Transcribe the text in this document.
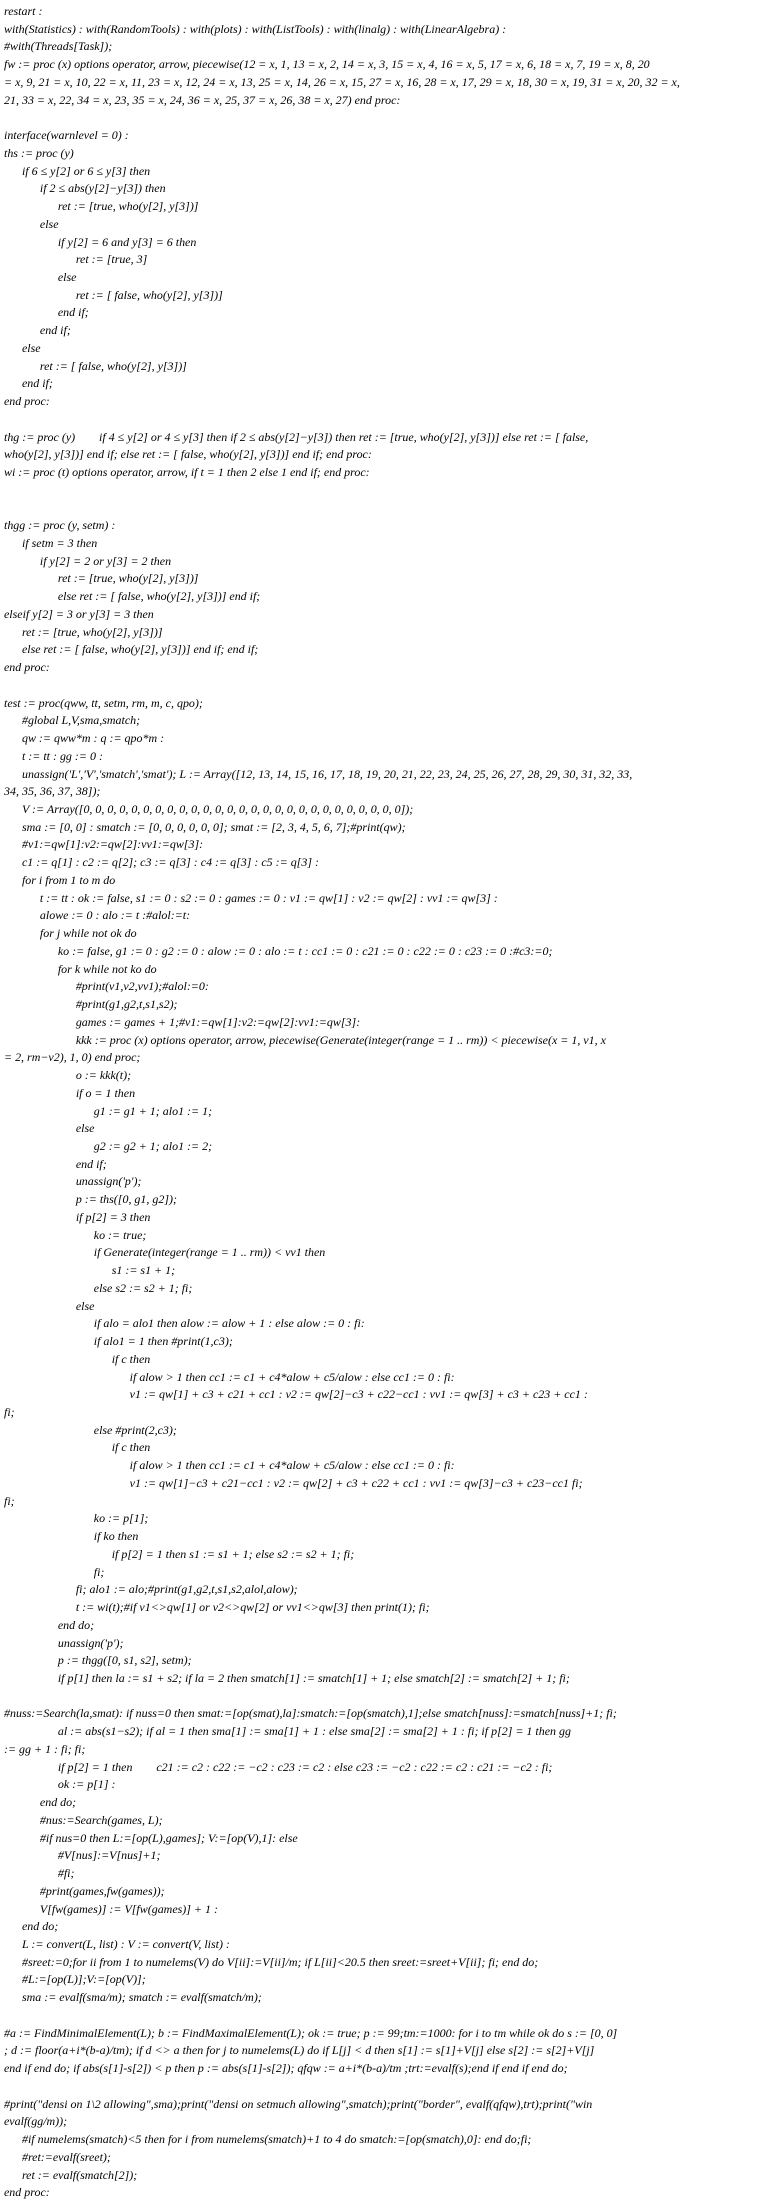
restart :
with(Statistics) : with(RandomTools) : with(plots) : with(ListTools) : with(linalg) : with(LinearAlgebra) :
#with(Threads[Task]);
fw := proc (x) options operator, arrow, piecewise(12 = x, 1, 13 = x, 2, 14 = x, 3, 15 = x, 4, 16 = x, 5, 17 = x, 6, 18 = x, 7, 19 = x, 8, 20
= x, 9, 21 = x, 10, 22 = x, 11, 23 = x, 12, 24 = x, 13, 25 = x, 14, 26 = x, 15, 27 = x, 16, 28 = x, 17, 29 = x, 18, 30 = x, 19, 31 = x, 20, 32 = x,
21, 33 = x, 22, 34 = x, 23, 35 = x, 24, 36 = x, 25, 37 = x, 26, 38 = x, 27) end proc:
interface(warnlevel = 0) :
ths := proc (y)
if 6 ≤ y[2] or 6 ≤ y[3] then
if 2 ≤ abs(y[2]−y[3]) then
ret := [true, who(y[2], y[3])]
else
if y[2] = 6 and y[3] = 6 then
ret := [true, 3]
else
ret := [ false, who(y[2], y[3])]
end if;
end if;
else
ret := [ false, who(y[2], y[3])]
end if;
end proc:
thg := proc (y)        if 4 ≤ y[2] or 4 ≤ y[3] then if 2 ≤ abs(y[2]−y[3]) then ret := [true, who(y[2], y[3])] else ret := [ false,
who(y[2], y[3])] end if; else ret := [ false, who(y[2], y[3])] end if; end proc:
wi := proc (t) options operator, arrow, if t = 1 then 2 else 1 end if; end proc:
thgg := proc (y, setm) :
if setm = 3 then
if y[2] = 2 or y[3] = 2 then
ret := [true, who(y[2], y[3])]
else ret := [ false, who(y[2], y[3])] end if;
elseif y[2] = 3 or y[3] = 3 then
ret := [true, who(y[2], y[3])]
else ret := [ false, who(y[2], y[3])] end if; end if;
end proc:
test := proc(qww, tt, setm, rm, m, c, qpo);
#global L,V,sma,smatch;
qw := qww*m : q := qpo*m :
t := tt : gg := 0 :
unassign('L','V','smatch','smat'); L := Array([12, 13, 14, 15, 16, 17, 18, 19, 20, 21, 22, 23, 24, 25, 26, 27, 28, 29, 30, 31, 32, 33,
34, 35, 36, 37, 38]);
V := Array([0, 0, 0, 0, 0, 0, 0, 0, 0, 0, 0, 0, 0, 0, 0, 0, 0, 0, 0, 0, 0, 0, 0, 0, 0, 0, 0]);
sma := [0, 0] : smatch := [0, 0, 0, 0, 0, 0]; smat := [2, 3, 4, 5, 6, 7];#print(qw);
#v1:=qw[1]:v2:=qw[2]:vv1:=qw[3]:
c1 := q[1] : c2 := q[2]; c3 := q[3] : c4 := q[3] : c5 := q[3] :
for i from 1 to m do
t := tt : ok := false, s1 := 0 : s2 := 0 : games := 0 : v1 := qw[1] : v2 := qw[2] : vv1 := qw[3] :
alowe := 0 : alo := t :#alol:=t:
for j while not ok do
ko := false, g1 := 0 : g2 := 0 : alow := 0 : alo := t : cc1 := 0 : c21 := 0 : c22 := 0 : c23 := 0 :#c3:=0;
for k while not ko do
#print(v1,v2,vv1);#alol:=0:
#print(g1,g2,t,s1,s2);
games := games + 1;#v1:=qw[1]:v2:=qw[2]:vv1:=qw[3]:
kkk := proc (x) options operator, arrow, piecewise(Generate(integer(range = 1 .. rm)) < piecewise(x = 1, v1, x
= 2, rm−v2), 1, 0) end proc;
o := kkk(t);
if o = 1 then
g1 := g1 + 1; alo1 := 1;
else
g2 := g2 + 1; alo1 := 2;
end if;
unassign('p');
p := ths([0, g1, g2]);
if p[2] = 3 then
ko := true;
if Generate(integer(range = 1 .. rm)) < vv1 then
s1 := s1 + 1;
else s2 := s2 + 1; fi;
else
if alo = alo1 then alow := alow + 1 : else alow := 0 : fi:
if alo1 = 1 then #print(1,c3);
if c then
if alow > 1 then cc1 := c1 + c4*alow + c5/alow : else cc1 := 0 : fi:
v1 := qw[1] + c3 + c21 + cc1 : v2 := qw[2]−c3 + c22−cc1 : vv1 := qw[3] + c3 + c23 + cc1 :
fi;
else #print(2,c3);
if c then
if alow > 1 then cc1 := c1 + c4*alow + c5/alow : else cc1 := 0 : fi:
v1 := qw[1]−c3 + c21−cc1 : v2 := qw[2] + c3 + c22 + cc1 : vv1 := qw[3]−c3 + c23−cc1 fi;
fi;
ko := p[1];
if ko then
if p[2] = 1 then s1 := s1 + 1; else s2 := s2 + 1; fi;
fi;
fi; alo1 := alo;#print(g1,g2,t,s1,s2,alol,alow);
t := wi(t);#if v1<>qw[1] or v2<>qw[2] or vv1<>qw[3] then print(1); fi;
end do;
unassign('p');
p := thgg([0, s1, s2], setm);
if p[1] then la := s1 + s2; if la = 2 then smatch[1] := smatch[1] + 1; else smatch[2] := smatch[2] + 1; fi;
#nuss:=Search(la,smat): if nuss=0 then smat:=[op(smat),la]:smatch:=[op(smatch),1];else smatch[nuss]:=smatch[nuss]+1; fi;
al := abs(s1−s2); if al = 1 then sma[1] := sma[1] + 1 : else sma[2] := sma[2] + 1 : fi; if p[2] = 1 then gg
:= gg + 1 : fi; fi;
if p[2] = 1 then        c21 := c2 : c22 := −c2 : c23 := c2 : else c23 := −c2 : c22 := c2 : c21 := −c2 : fi;
ok := p[1] :
end do;
#nus:=Search(games, L);
#if nus=0 then L:=[op(L),games]; V:=[op(V),1]: else
#V[nus]:=V[nus]+1;
#fi;
#print(games,fw(games));
V[fw(games)] := V[fw(games)] + 1 :
end do;
L := convert(L, list) : V := convert(V, list) :
#sreet:=0;for ii from 1 to numelems(V) do V[ii]:=V[ii]/m; if L[ii]<20.5 then sreet:=sreet+V[ii]; fi; end do;
#L:=[op(L)];V:=[op(V)];
sma := evalf(sma/m); smatch := evalf(smatch/m);
#a := FindMinimalElement(L); b := FindMaximalElement(L); ok := true; p := 99;tm:=1000: for i to tm while ok do s := [0, 0]
; d := floor(a+i*(b-a)/tm); if d <> a then for j to numelems(L) do if L[j] < d then s[1] := s[1]+V[j] else s[2] := s[2]+V[j]
end if end do; if abs(s[1]-s[2]) < p then p := abs(s[1]-s[2]); qfqw := a+i*(b-a)/tm ;trt:=evalf(s);end if end if end do;
#print("densi on 1\2 allowing",sma);print("densi on setmuch allowing",smatch);print("border", evalf(qfqw),trt);print("win
evalf(gg/m));
#if numelems(smatch)<5 then for i from numelems(smatch)+1 to 4 do smatch:=[op(smatch),0]: end do;fi;
#ret:=evalf(sreet);
ret := evalf(smatch[2]);
end proc:
